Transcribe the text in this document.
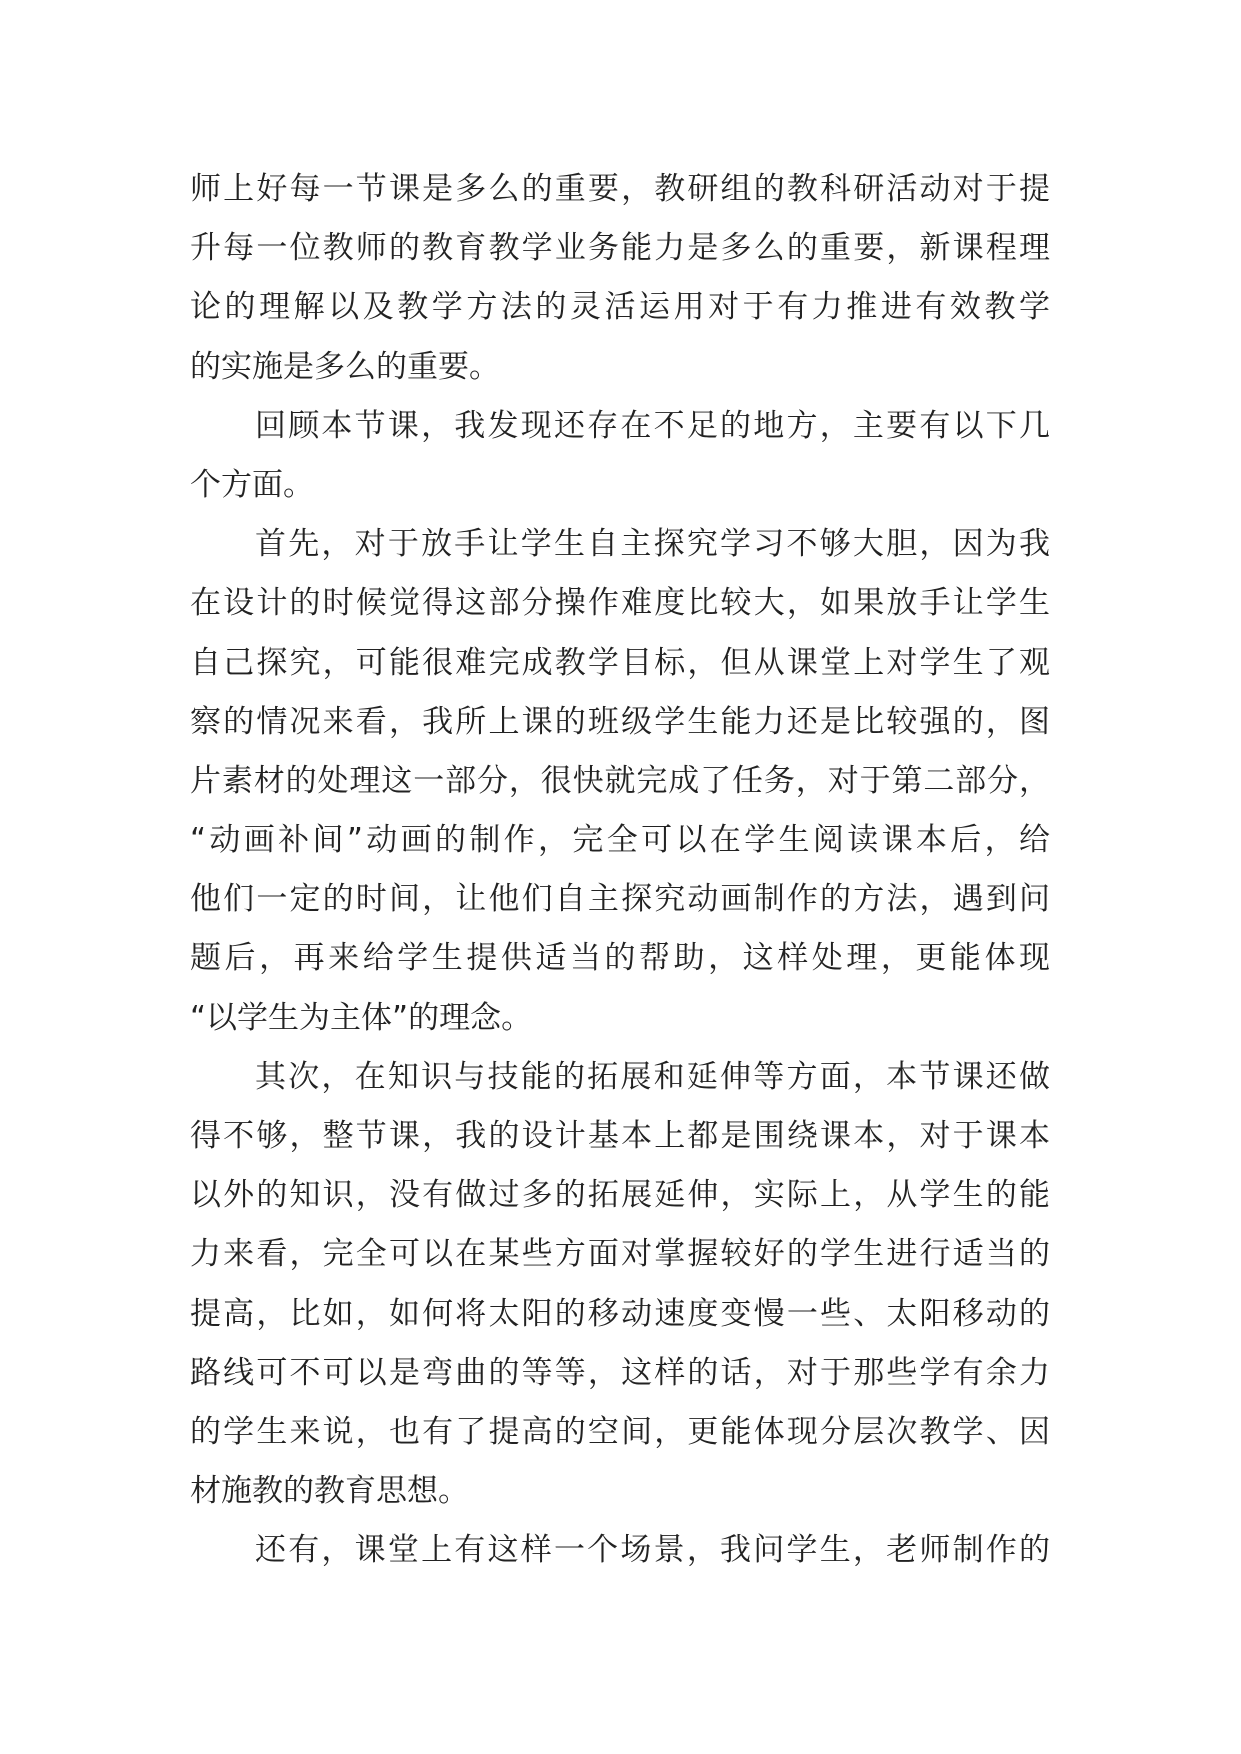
师上好每一节课是多么的重要，教研组的教科研活动对于提
升每一位教师的教育教学业务能力是多么的重要，新课程理
论的理解以及教学方法的灵活运用对于有力推进有效教学
的实施是多么的重要。
回顾本节课，我发现还存在不足的地方，主要有以下几
个方面。
首先，对于放手让学生自主探究学习不够大胆，因为我
在设计的时候觉得这部分操作难度比较大，如果放手让学生
自己探究，可能很难完成教学目标，但从课堂上对学生了观
察的情况来看，我所上课的班级学生能力还是比较强的，图
片素材的处理这一部分，很快就完成了任务，对于第二部分，
“动画补间”动画的制作，完全可以在学生阅读课本后，给
他们一定的时间，让他们自主探究动画制作的方法，遇到问
题后，再来给学生提供适当的帮助，这样处理，更能体现
“以学生为主体”的理念。
其次，在知识与技能的拓展和延伸等方面，本节课还做
得不够，整节课，我的设计基本上都是围绕课本，对于课本
以外的知识，没有做过多的拓展延伸，实际上，从学生的能
力来看，完全可以在某些方面对掌握较好的学生进行适当的
提高，比如，如何将太阳的移动速度变慢一些、太阳移动的
路线可不可以是弯曲的等等，这样的话，对于那些学有余力
的学生来说，也有了提高的空间，更能体现分层次教学、因
材施教的教育思想。
还有，课堂上有这样一个场景，我问学生，老师制作的
